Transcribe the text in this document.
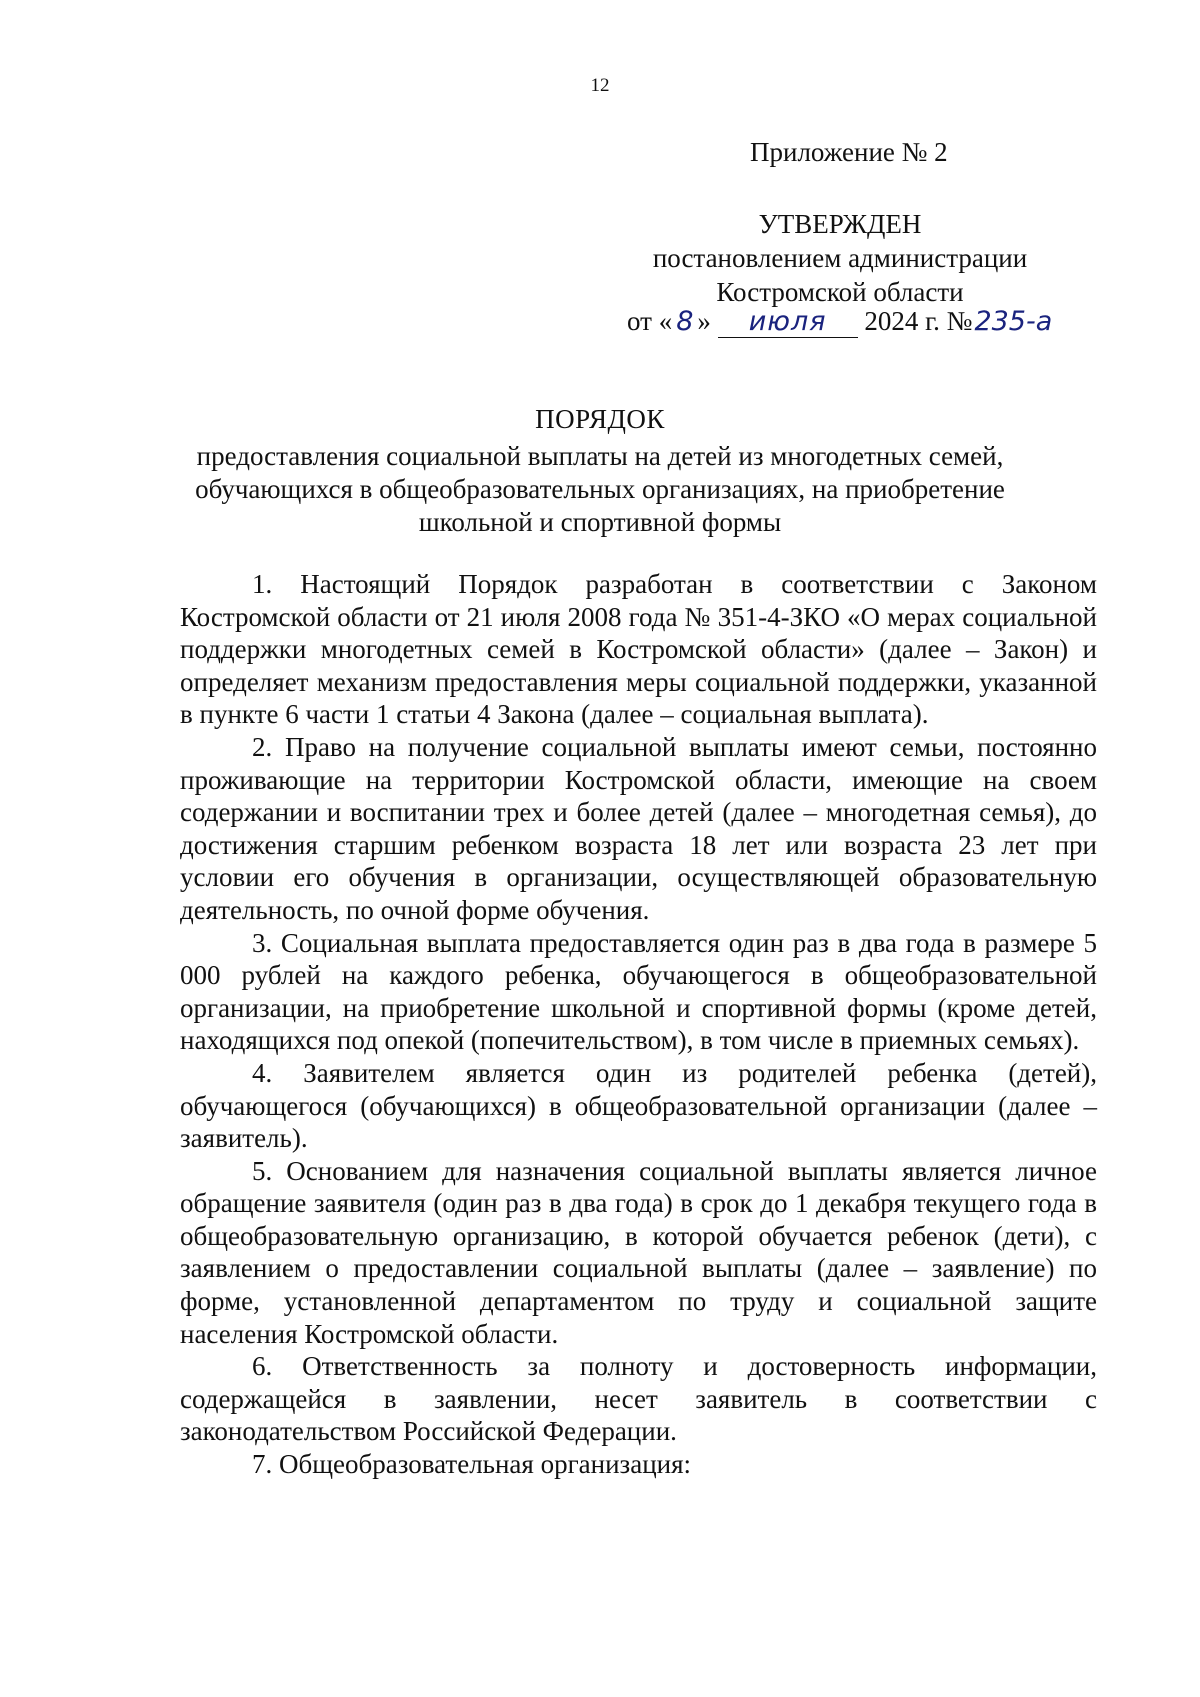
12
Приложение № 2
УТВЕРЖДЕН
постановлением администрации
Костромской области
от « 8 » июля 2024 г. №235-а
ПОРЯДОК
предоставления социальной выплаты на детей из многодетных семей, обучающихся в общеобразовательных организациях, на приобретение школьной и спортивной формы

1. Настоящий Порядок разработан в соответствии с Законом Костромской области от 21 июля 2008 года № 351-4-ЗКО «О мерах социальной поддержки многодетных семей в Костромской области» (далее – Закон) и определяет механизм предоставления меры социальной поддержки, указанной в пункте 6 части 1 статьи 4 Закона (далее – социальная выплата).

2. Право на получение социальной выплаты имеют семьи, постоянно проживающие на территории Костромской области, имеющие на своем содержании и воспитании трех и более детей (далее – многодетная семья), до достижения старшим ребенком возраста 18 лет или возраста 23 лет при условии его обучения в организации, осуществляющей образовательную деятельность, по очной форме обучения.

3. Социальная выплата предоставляется один раз в два года в размере 5 000 рублей на каждого ребенка, обучающегося в общеобразовательной организации, на приобретение школьной и спортивной формы (кроме детей, находящихся под опекой (попечительством), в том числе в приемных семьях).

4. Заявителем является один из родителей ребенка (детей), обучающегося (обучающихся) в общеобразовательной организации (далее – заявитель).

5. Основанием для назначения социальной выплаты является личное обращение заявителя (один раз в два года) в срок до 1 декабря текущего года в общеобразовательную организацию, в которой обучается ребенок (дети), с заявлением о предоставлении социальной выплаты (далее – заявление) по форме, установленной департаментом по труду и социальной защите населения Костромской области.

6. Ответственность за полноту и достоверность информации, содержащейся в заявлении, несет заявитель в соответствии с законодательством Российской Федерации.

7. Общеобразовательная организация:
